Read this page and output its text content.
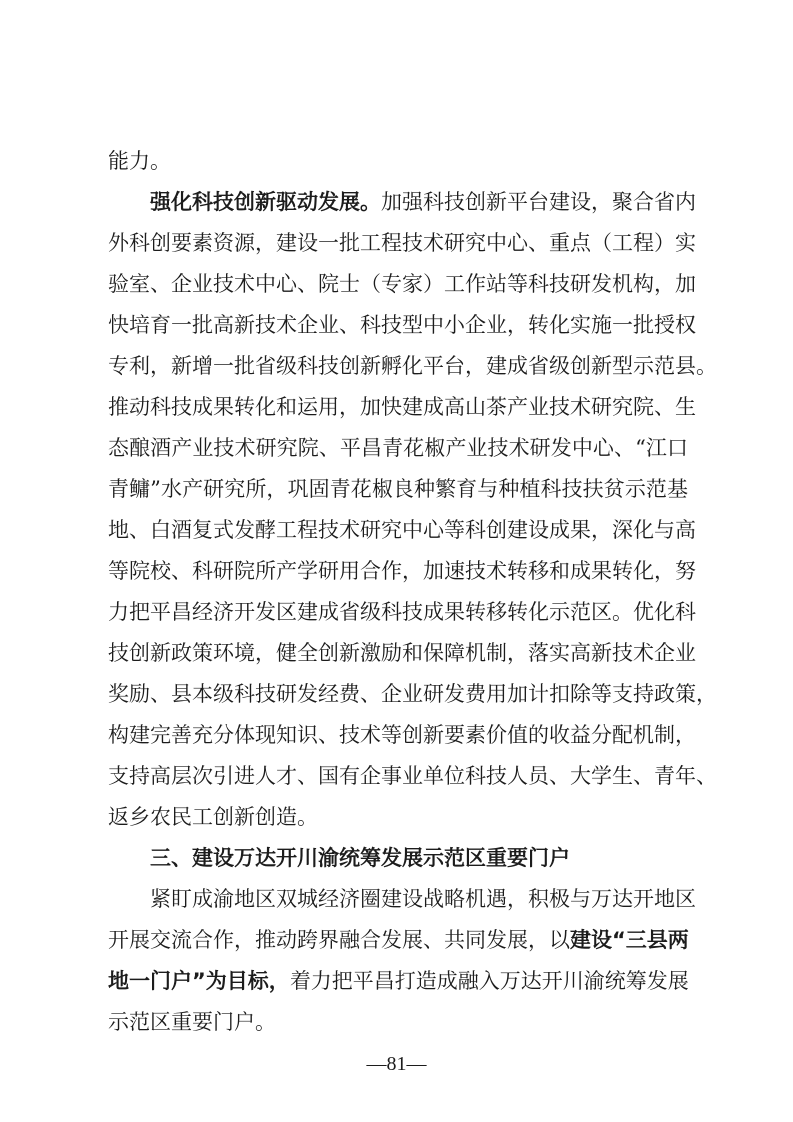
能力。
强化科技创新驱动发展。加强科技创新平台建设，聚合省内
外科创要素资源，建设一批工程技术研究中心、重点（工程）实
验室、企业技术中心、院士（专家）工作站等科技研发机构，加
快培育一批高新技术企业、科技型中小企业，转化实施一批授权
专利，新增一批省级科技创新孵化平台，建成省级创新型示范县。
推动科技成果转化和运用，加快建成高山茶产业技术研究院、生
态酿酒产业技术研究院、平昌青花椒产业技术研发中心、“江口
青鳙”水产研究所，巩固青花椒良种繁育与种植科技扶贫示范基
地、白酒复式发酵工程技术研究中心等科创建设成果，深化与高
等院校、科研院所产学研用合作，加速技术转移和成果转化，努
力把平昌经济开发区建成省级科技成果转移转化示范区。优化科
技创新政策环境，健全创新激励和保障机制，落实高新技术企业
奖励、县本级科技研发经费、企业研发费用加计扣除等支持政策，
构建完善充分体现知识、技术等创新要素价值的收益分配机制，
支持高层次引进人才、国有企事业单位科技人员、大学生、青年、
返乡农民工创新创造。
三、建设万达开川渝统筹发展示范区重要门户
紧盯成渝地区双城经济圈建设战略机遇，积极与万达开地区
开展交流合作，推动跨界融合发展、共同发展，以建设“三县两
地一门户”为目标，着力把平昌打造成融入万达开川渝统筹发展
示范区重要门户。
—81—
